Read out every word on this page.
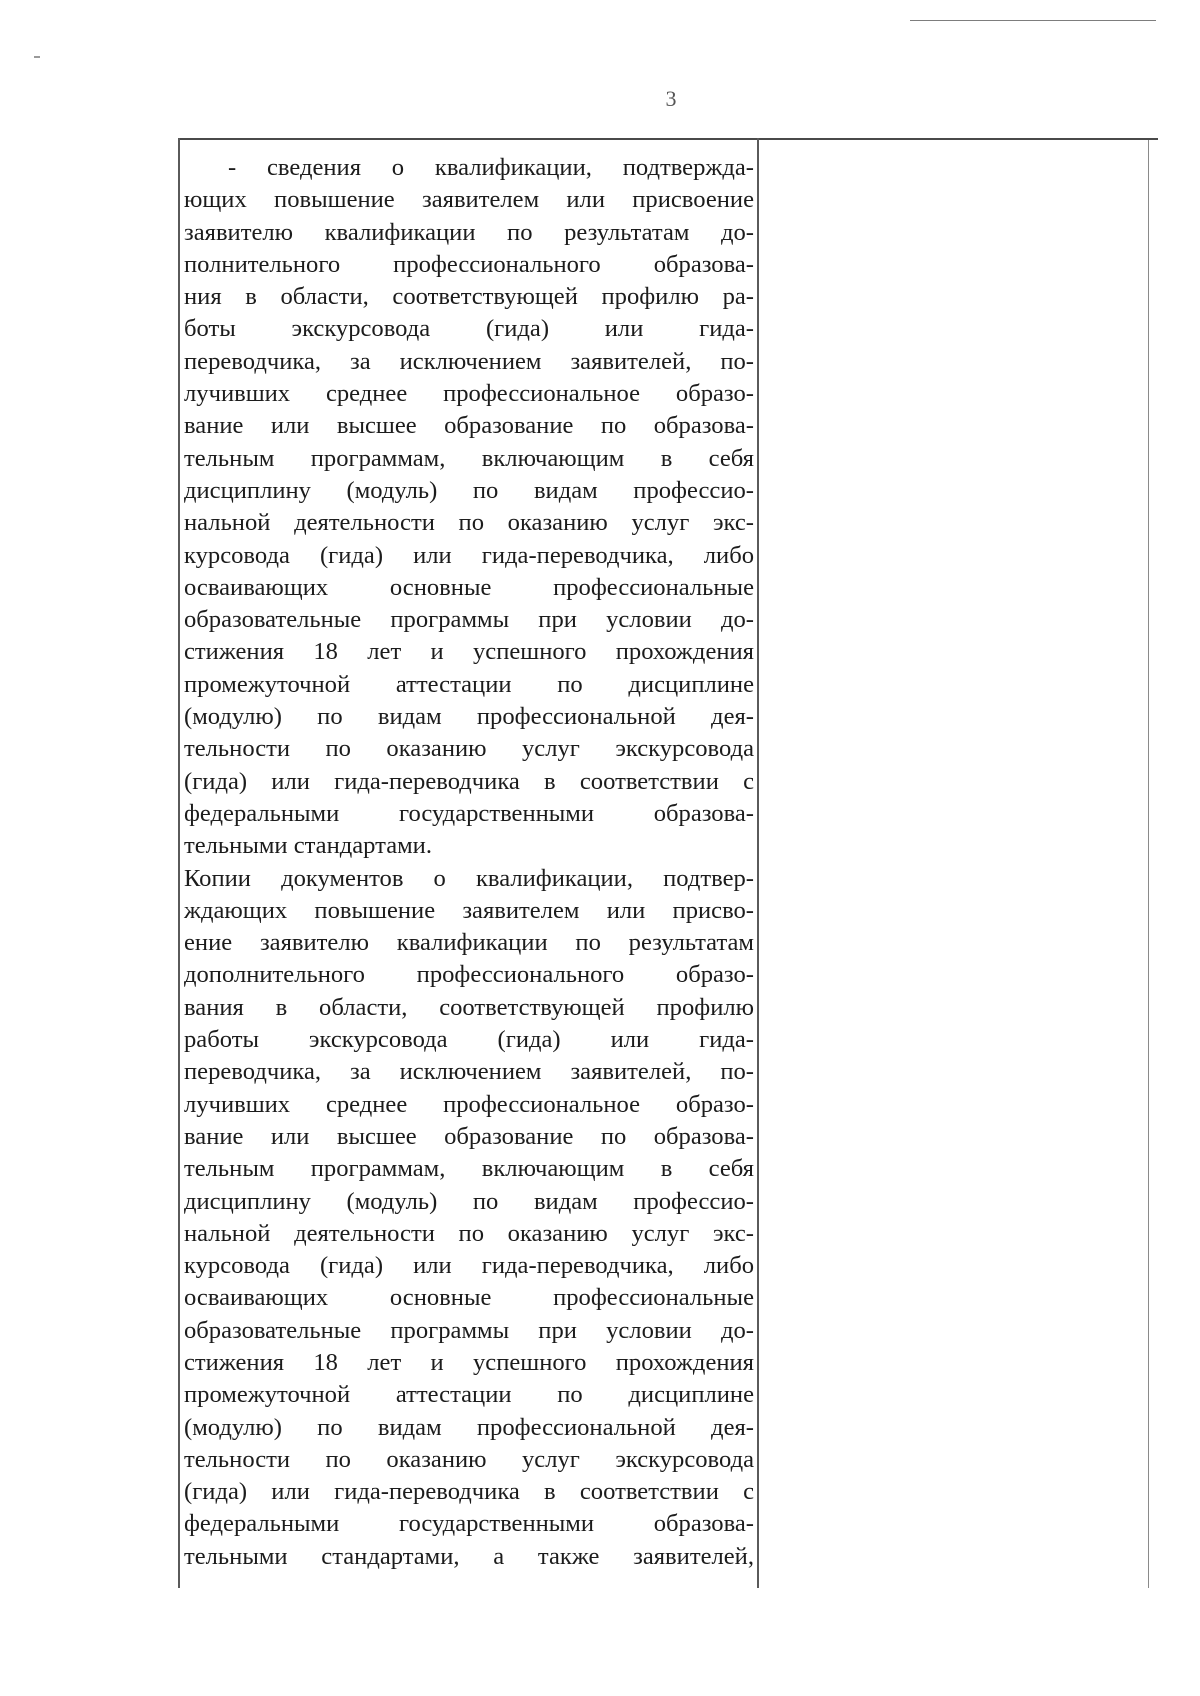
3
- сведения о квалификации, подтвержда-
ющих повышение заявителем или присвоение
заявителю квалификации по результатам до-
полнительного профессионального образова-
ния в области, соответствующей профилю ра-
боты экскурсовода (гида) или гида-
переводчика, за исключением заявителей, по-
лучивших среднее профессиональное образо-
вание или высшее образование по образова-
тельным программам, включающим в себя
дисциплину (модуль) по видам профессио-
нальной деятельности по оказанию услуг экс-
курсовода (гида) или гида-переводчика, либо
осваивающих основные профессиональные
образовательные программы при условии до-
стижения 18 лет и успешного прохождения
промежуточной аттестации по дисциплине
(модулю) по видам профессиональной дея-
тельности по оказанию услуг экскурсовода
(гида) или гида-переводчика в соответствии с
федеральными государственными образова-
тельными стандартами.
Копии документов о квалификации, подтвер-
ждающих повышение заявителем или присво-
ение заявителю квалификации по результатам
дополнительного профессионального образо-
вания в области, соответствующей профилю
работы экскурсовода (гида) или гида-
переводчика, за исключением заявителей, по-
лучивших среднее профессиональное образо-
вание или высшее образование по образова-
тельным программам, включающим в себя
дисциплину (модуль) по видам профессио-
нальной деятельности по оказанию услуг экс-
курсовода (гида) или гида-переводчика, либо
осваивающих основные профессиональные
образовательные программы при условии до-
стижения 18 лет и успешного прохождения
промежуточной аттестации по дисциплине
(модулю) по видам профессиональной дея-
тельности по оказанию услуг экскурсовода
(гида) или гида-переводчика в соответствии с
федеральными государственными образова-
тельными стандартами, а также заявителей,
